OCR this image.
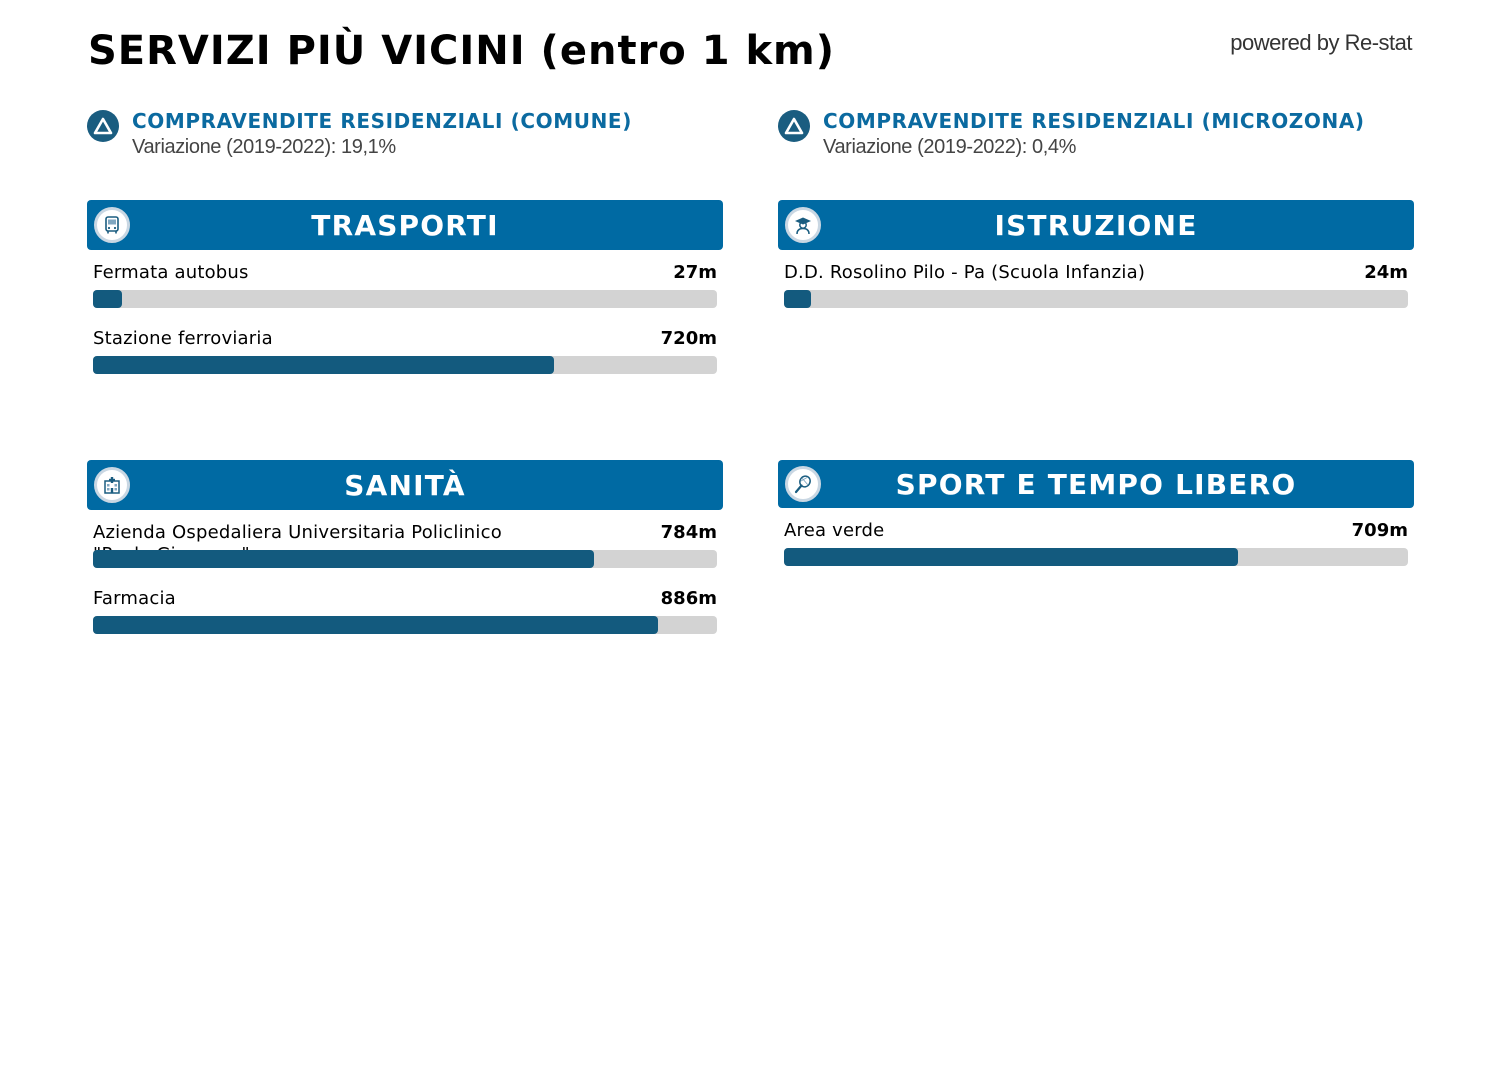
SERVIZI PIÙ VICINI (entro 1 km)	powered by Re-stat
COMPRAVENDITE RESIDENZIALI (COMUNE)
Variazione (2019-2022): 19,1%
COMPRAVENDITE RESIDENZIALI (MICROZONA)
Variazione (2019-2022): 0,4%
TRASPORTI
Fermata autobus	27m
Stazione ferroviaria	720m
ISTRUZIONE
D.D. Rosolino Pilo - Pa (Scuola Infanzia)	24m
SANITÀ
Azienda Ospedaliera Universitaria Policlinico	784m
Farmacia	886m
SPORT E TEMPO LIBERO
Area verde	709m
